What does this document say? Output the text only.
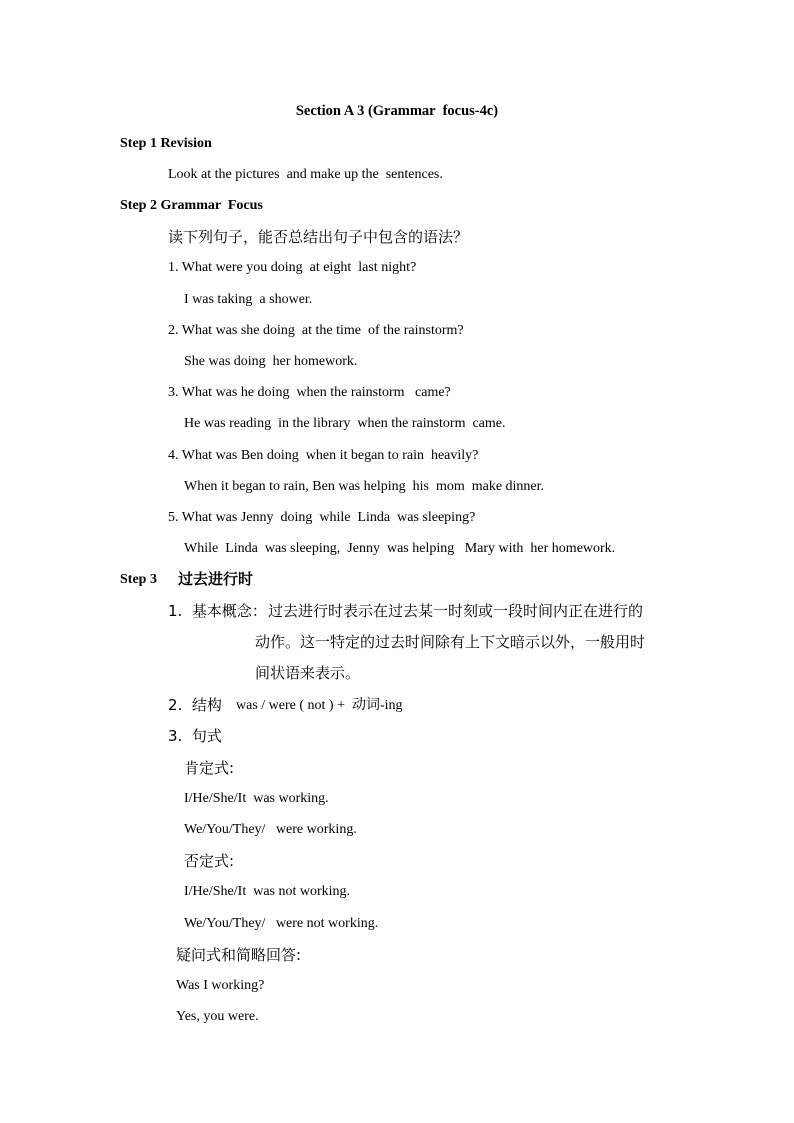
Section A 3 (Grammar  focus-4c)
Step 1 Revision
Look at the pictures  and make up the  sentences.
Step 2 Grammar  Focus
读下列句子，能否总结出句子中包含的语法？
1. What were you doing  at eight  last night?
I was taking  a shower.
2. What was she doing  at the time  of the rainstorm?
She was doing  her homework.
3. What was he doing  when the rainstorm   came?
He was reading  in the library  when the rainstorm  came.
4. What was Ben doing  when it began to rain  heavily?
When it began to rain, Ben was helping  his  mom  make dinner.
5. What was Jenny  doing  while  Linda  was sleeping?
While  Linda  was sleeping,  Jenny  was helping   Mary with  her homework.
Step 3 过去进行时
1.  基本概念： 过去进行时表示在过去某一时刻或一段时间内正在进行的
动作。这一特定的过去时间除有上下文暗示以外，一般用时
间状语来表示。
2.  结构 was / were ( not ) +  动词-ing
3.  句式
肯定式:
I/He/She/It  was working.
We/You/They/   were working.
否定式:
I/He/She/It  was not working.
We/You/They/   were not working.
疑问式和简略回答:
Was I working?
Yes, you were.
